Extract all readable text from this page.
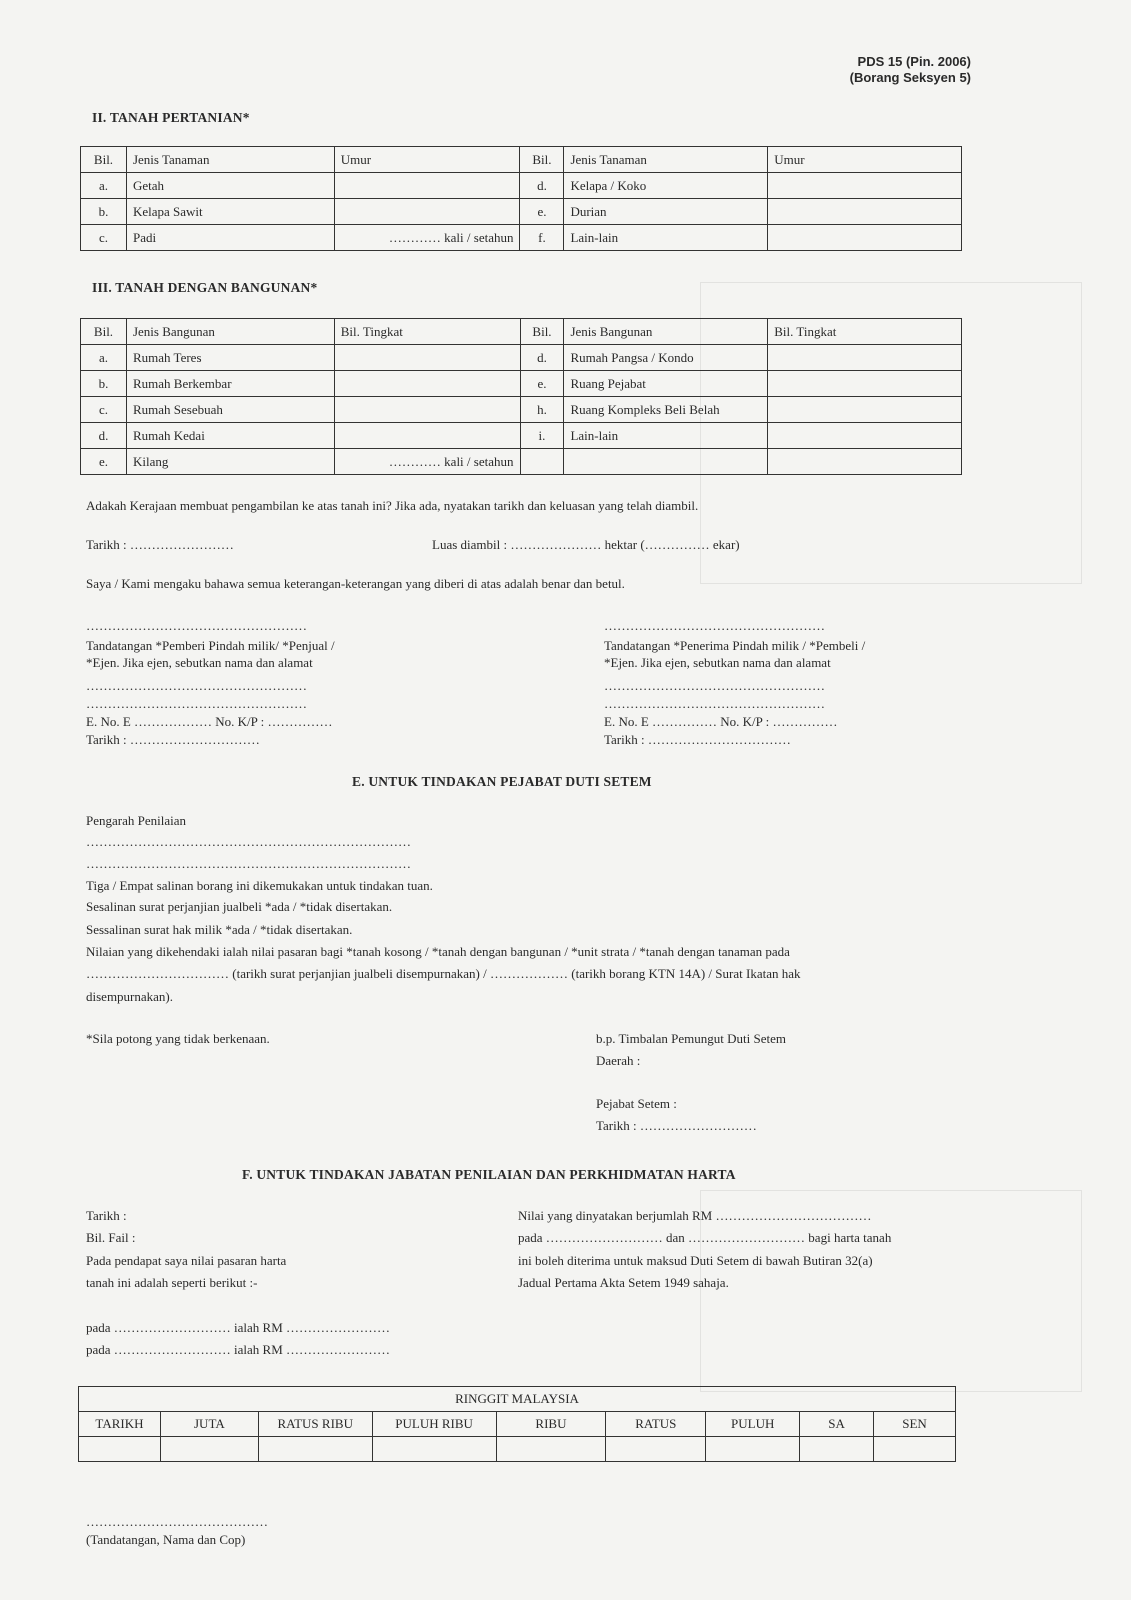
PDS 15 (Pin. 2006)
(Borang Seksyen 5)
II. TANAH PERTANIAN*
Bil.	Jenis Tanaman	Umur	Bil.	Jenis Tanaman	Umur
a.	Getah		d.	Kelapa / Koko	
b.	Kelapa Sawit		e.	Durian	
c.	Padi	………… kali / setahun	f.	Lain-lain	
III. TANAH DENGAN BANGUNAN*
Bil.	Jenis Bangunan	Bil. Tingkat	Bil.	Jenis Bangunan	Bil. Tingkat
a.	Rumah Teres		d.	Rumah Pangsa / Kondo	
b.	Rumah Berkembar		e.	Ruang Pejabat	
c.	Rumah Sesebuah		h.	Ruang Kompleks Beli Belah	
d.	Rumah Kedai		i.	Lain-lain	
e.	Kilang	………… kali / setahun			
Adakah Kerajaan membuat pengambilan ke atas tanah ini? Jika ada, nyatakan tarikh dan keluasan yang telah diambil.
Tarikh : ……………………	Luas diambil : ………………… hektar (…………… ekar)
Saya / Kami mengaku bahawa semua keterangan-keterangan yang diberi di atas adalah benar dan betul.
……………………………………………
Tandatangan *Pemberi Pindah milik/ *Penjual /
*Ejen. Jika ejen, sebutkan nama dan alamat
……………………………………………
……………………………………………
E. No. E ……………… No. K/P : ……………
Tarikh : …………………………
……………………………………………
Tandatangan *Penerima Pindah milik / *Pembeli /
*Ejen. Jika ejen, sebutkan nama dan alamat
……………………………………………
……………………………………………
E. No. E …………… No. K/P : ……………
Tarikh : ……………………………
E. UNTUK TINDAKAN PEJABAT DUTI SETEM
Pengarah Penilaian
…………………………………………………………………
…………………………………………………………………
Tiga / Empat salinan borang ini dikemukakan untuk tindakan tuan.
Sesalinan surat perjanjian jualbeli *ada / *tidak disertakan.
Sessalinan surat hak milik *ada / *tidak disertakan.
Nilaian yang dikehendaki ialah nilai pasaran bagi *tanah kosong / *tanah dengan bangunan / *unit strata / *tanah dengan tanaman pada
…………………………… (tarikh surat perjanjian jualbeli disempurnakan) / ……………… (tarikh borang KTN 14A) / Surat Ikatan hak
disempurnakan).
*Sila potong yang tidak berkenaan.	b.p. Timbalan Pemungut Duti Setem
Daerah :
Pejabat Setem :
Tarikh : ………………………
F. UNTUK TINDAKAN JABATAN PENILAIAN DAN PERKHIDMATAN HARTA
Tarikh :
Bil. Fail :
Pada pendapat saya nilai pasaran harta
tanah ini adalah seperti berikut :-
Nilai yang dinyatakan berjumlah RM ………………………………
pada ……………………… dan ……………………… bagi harta tanah
ini boleh diterima untuk maksud Duti Setem di bawah Butiran 32(a)
Jadual Pertama Akta Setem 1949 sahaja.
pada ……………………… ialah RM ……………………
pada ……………………… ialah RM ……………………
RINGGIT MALAYSIA								
TARIKH	JUTA	RATUS RIBU	PULUH RIBU	RIBU	RATUS	PULUH	SA	SEN

……………………………………
(Tandatangan, Nama dan Cop)
